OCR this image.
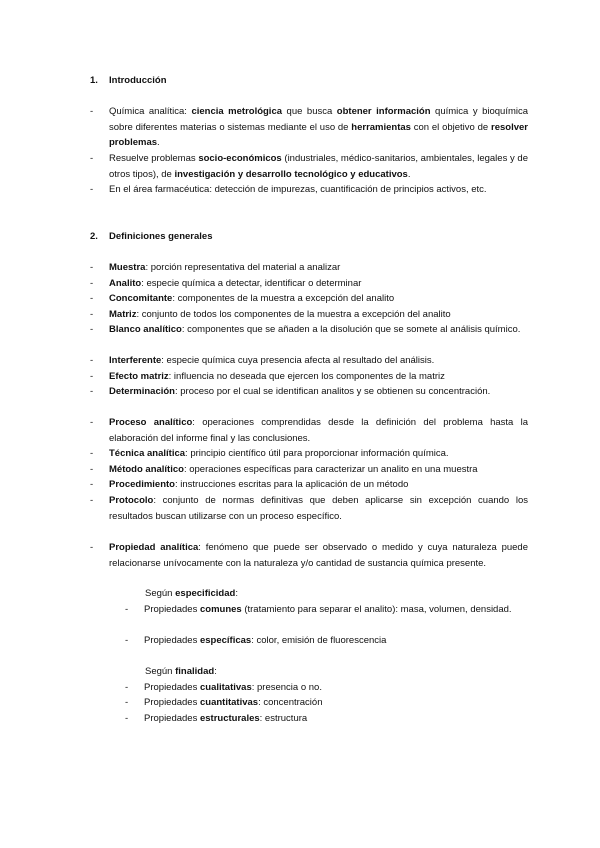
1. Introducción
- Química analítica: ciencia metrológica que busca obtener información química y bioquímica sobre diferentes materias o sistemas mediante el uso de herramientas con el objetivo de resolver problemas.
- Resuelve problemas socio-económicos (industriales, médico-sanitarios, ambientales, legales y de otros tipos), de investigación y desarrollo tecnológico y educativos.
- En el área farmacéutica: detección de impurezas, cuantificación de principios activos, etc.
2. Definiciones generales
- Muestra: porción representativa del material a analizar
- Analito: especie química a detectar, identificar o determinar
- Concomitante: componentes de la muestra a excepción del analito
- Matriz: conjunto de todos los componentes de la muestra a excepción del analito
- Blanco analítico: componentes que se añaden a la disolución que se somete al análisis químico.
- Interferente: especie química cuya presencia afecta al resultado del análisis.
- Efecto matriz: influencia no deseada que ejercen los componentes de la matriz
- Determinación: proceso por el cual se identifican analitos y se obtienen su concentración.
- Proceso analítico: operaciones comprendidas desde la definición del problema hasta la elaboración del informe final y las conclusiones.
- Técnica analítica: principio científico útil para proporcionar información química.
- Método analítico: operaciones específicas para caracterizar un analito en una muestra
- Procedimiento: instrucciones escritas para la aplicación de un método
- Protocolo: conjunto de normas definitivas que deben aplicarse sin excepción cuando los resultados buscan utilizarse con un proceso específico.
- Propiedad analítica: fenómeno que puede ser observado o medido y cuya naturaleza puede relacionarse unívocamente con la naturaleza y/o cantidad de sustancia química presente.
Según especificidad:
- Propiedades comunes (tratamiento para separar el analito): masa, volumen, densidad.
- Propiedades específicas: color, emisión de fluorescencia
Según finalidad:
- Propiedades cualitativas: presencia o no.
- Propiedades cuantitativas: concentración
- Propiedades estructurales: estructura
